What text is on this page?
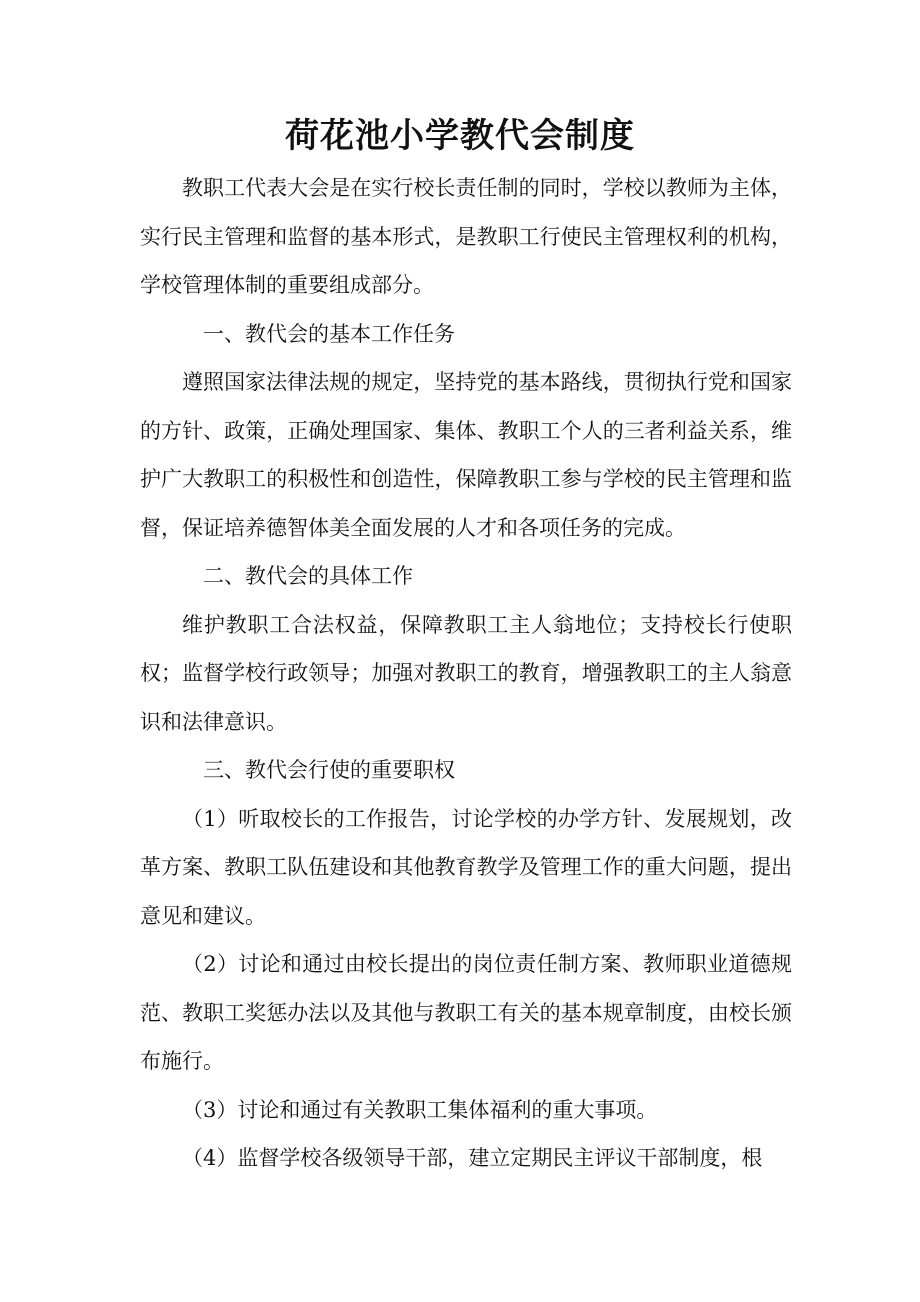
荷花池小学教代会制度

教职工代表大会是在实行校长责任制的同时，学校以教师为主体，实行民主管理和监督的基本形式，是教职工行使民主管理权利的机构，学校管理体制的重要组成部分。

一、教代会的基本工作任务

遵照国家法律法规的规定，坚持党的基本路线，贯彻执行党和国家的方针、政策，正确处理国家、集体、教职工个人的三者利益关系，维护广大教职工的积极性和创造性，保障教职工参与学校的民主管理和监督，保证培养德智体美全面发展的人才和各项任务的完成。

二、教代会的具体工作

维护教职工合法权益，保障教职工主人翁地位；支持校长行使职权；监督学校行政领导；加强对教职工的教育，增强教职工的主人翁意识和法律意识。

三、教代会行使的重要职权

（1）听取校长的工作报告，讨论学校的办学方针、发展规划，改革方案、教职工队伍建设和其他教育教学及管理工作的重大问题，提出意见和建议。

（2）讨论和通过由校长提出的岗位责任制方案、教师职业道德规范、教职工奖惩办法以及其他与教职工有关的基本规章制度，由校长颁布施行。

（3）讨论和通过有关教职工集体福利的重大事项。

（4）监督学校各级领导干部，建立定期民主评议干部制度，根
